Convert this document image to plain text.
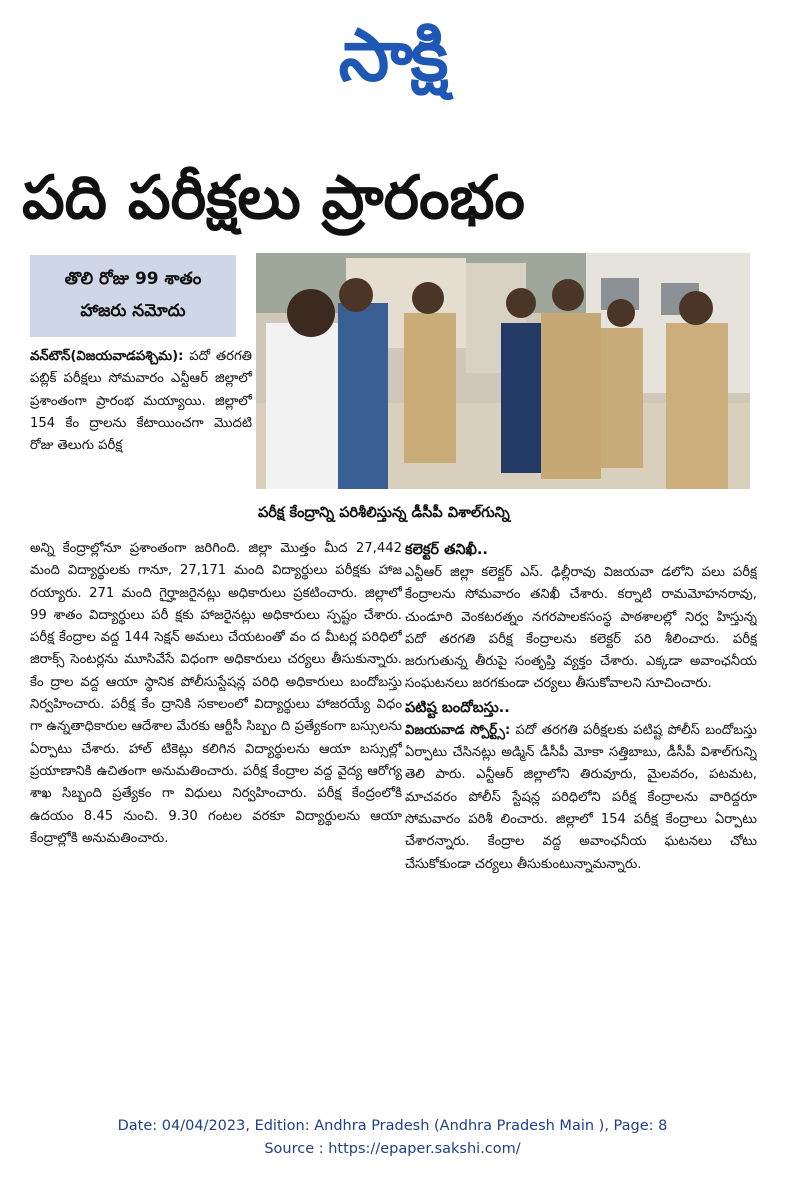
సాక్షి
పది పరీక్షలు ప్రారంభం
తొలి రోజు 99 శాతం
హాజరు నమోదు
పరీక్ష కేంద్రాన్ని పరిశీలిస్తున్న డీసీపీ విశాల్‌గున్ని

వన్‌టౌన్(విజయవాడపశ్చిమ): పదో తరగతి పబ్లిక్ పరీక్షలు సోమవారం ఎన్టీఆర్ జిల్లాలో ప్రశాంతంగా ప్రారంభ మయ్యాయి. జిల్లాలో 154 కేం ద్రాలను కేటాయించగా మొదటి రోజు తెలుగు పరీక్ష

అన్ని కేంద్రాల్లోనూ ప్రశాంతంగా జరిగింది. జిల్లా మొత్తం మీద 27,442 మంది విద్యార్థులకు గానూ, 27,171 మంది విద్యార్థులు పరీక్షకు హాజ రయ్యారు. 271 మంది గైర్హాజరైనట్లు అధికారులు ప్రకటించారు. జిల్లాలో 99 శాతం విద్యార్థులు పరీ క్షకు హాజరైనట్లు అధికారులు స్పష్టం చేశారు. పరీక్ష కేంద్రాల వద్ద 144 సెక్షన్ అమలు చేయటంతో వం ద మీటర్ల పరిధిలో జిరాక్స్ సెంటర్లను మూసివేసే విధంగా అధికారులు చర్యలు తీసుకున్నారు. కేం ద్రాల వద్ద ఆయా స్థానిక పోలీసుస్టేషన్ల పరిధి అధికారులు బందోబస్తు నిర్వహించారు. పరీక్ష కేం ద్రానికి సకాలంలో విద్యార్థులు హాజరయ్యే విధం గా ఉన్నతాధికారుల ఆదేశాల మేరకు ఆర్టీసీ సిబ్బం ది ప్రత్యేకంగా బస్సులను ఏర్పాటు చేశారు. హాల్ టికెట్లు కలిగిన విద్యార్థులను ఆయా బస్సుల్లో ప్రయాణానికి ఉచితంగా అనుమతించారు. పరీక్ష కేంద్రాల వద్ద వైద్య ఆరోగ్య శాఖ సిబ్బంది ప్రత్యేకం గా విధులు నిర్వహించారు. పరీక్ష కేంద్రంలోకి ఉదయం 8.45 నుంచి. 9.30 గంటల వరకూ విద్యార్థులను ఆయా కేంద్రాల్లోకి అనుమతించారు.

కలెక్టర్ తనిఖీ..

ఎన్టీఆర్ జిల్లా కలెక్టర్ ఎస్. ఢిల్లీరావు విజయవా డలోని పలు పరీక్ష కేంద్రాలను సోమవారం తనిఖీ చేశారు. కర్నాటి రామమోహనరావు, చుండూరి వెంకటరత్నం నగరపాలకసంస్థ పాఠశాలల్లో నిర్వ హిస్తున్న పదో తరగతి పరీక్ష కేంద్రాలను కలెక్టర్ పరి శీలించారు. పరీక్ష జరుగుతున్న తీరుపై సంతృప్తి వ్యక్తం చేశారు. ఎక్కడా అవాంఛనీయ సంఘటనలు జరగకుండా చర్యలు తీసుకోవాలని సూచించారు.

పటిష్ట బందోబస్తు..

విజయవాడ స్పోర్ట్స్: పదో తరగతి పరీక్షలకు పటిష్ట పోలీస్ బందోబస్తు ఏర్పాటు చేసినట్లు అడ్మిన్ డీసీపీ మోకా సత్తిబాబు, డీసీపీ విశాల్‌గున్ని తెలి పారు. ఎన్టీఆర్ జిల్లాలోని తిరువూరు, మైలవరం, పటమట, మాచవరం పోలీస్ స్టేషన్ల పరిధిలోని పరీక్ష కేంద్రాలను వారిద్దరూ సోమవారం పరిశీ లించారు. జిల్లాలో 154 పరీక్ష కేంద్రాలు ఏర్పాటు చేశారన్నారు. కేంద్రాల వద్ద అవాంఛనీయ ఘటనలు చోటు చేసుకోకుండా చర్యలు తీసుకుంటున్నామన్నారు.

Date: 04/04/2023, Edition: Andhra Pradesh (Andhra Pradesh Main ), Page: 8
Source : https://epaper.sakshi.com/
